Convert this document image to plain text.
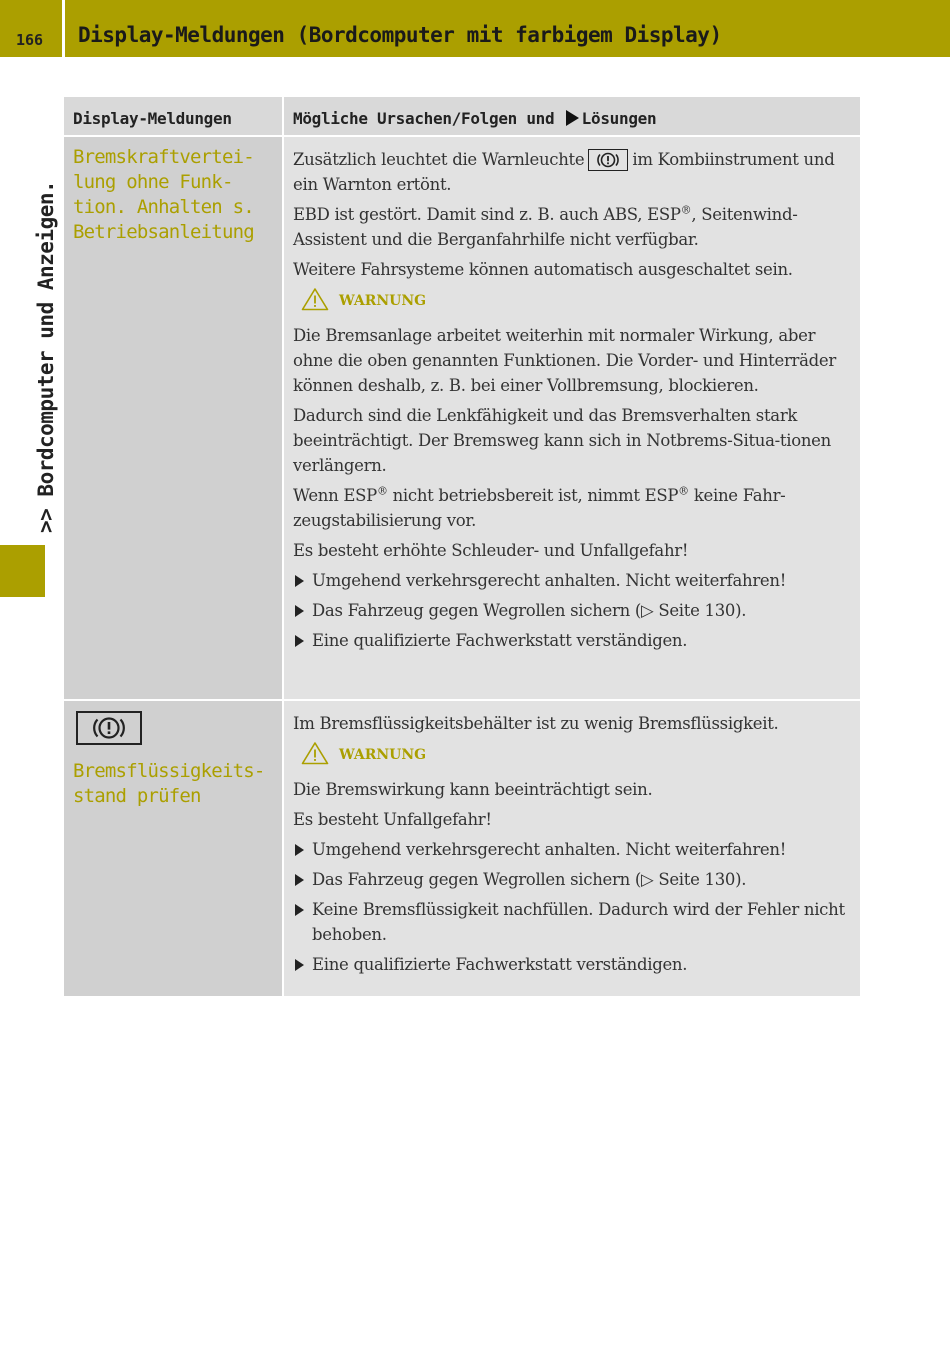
166 Display-Meldungen (Bordcomputer mit farbigem Display)
>> Bordcomputer und Anzeigen.
Display-Meldungen	Mögliche Ursachen/Folgen und Lösungen
Bremskraftvertei-
lung ohne Funk-
tion. Anhalten s.
Betriebsanleitung

Zusätzlich leuchtet die Warnleuchte	im Kombiinstrument und ein Warnton ertönt.

EBD ist gestört. Damit sind z. B. auch ABS, ESP®, Seitenwind-Assistent und die Berganfahrhilfe nicht verfügbar.

Weitere Fahrsysteme können automatisch ausgeschaltet sein.

WARNUNG

Die Bremsanlage arbeitet weiterhin mit normaler Wirkung, aber ohne die oben genannten Funktionen. Die Vorder- und Hinterräder können deshalb, z. B. bei einer Vollbremsung, blockieren.

Dadurch sind die Lenkfähigkeit und das Bremsverhalten stark beeinträchtigt. Der Bremsweg kann sich in Notbrems-Situa-tionen verlängern.

Wenn ESP® nicht betriebsbereit ist, nimmt ESP® keine Fahr-zeugstabilisierung vor.

Es besteht erhöhte Schleuder- und Unfallgefahr!

Umgehend verkehrsgerecht anhalten. Nicht weiterfahren!
Das Fahrzeug gegen Wegrollen sichern (▷ Seite 130).
Eine qualifizierte Fachwerkstatt verständigen.
Bremsflüssigkeits-
stand prüfen

Im Bremsflüssigkeitsbehälter ist zu wenig Bremsflüssigkeit.

WARNUNG

Die Bremswirkung kann beeinträchtigt sein.

Es besteht Unfallgefahr!

Umgehend verkehrsgerecht anhalten. Nicht weiterfahren!
Das Fahrzeug gegen Wegrollen sichern (▷ Seite 130).
Keine Bremsflüssigkeit nachfüllen. Dadurch wird der Fehler nicht behoben.
Eine qualifizierte Fachwerkstatt verständigen.
